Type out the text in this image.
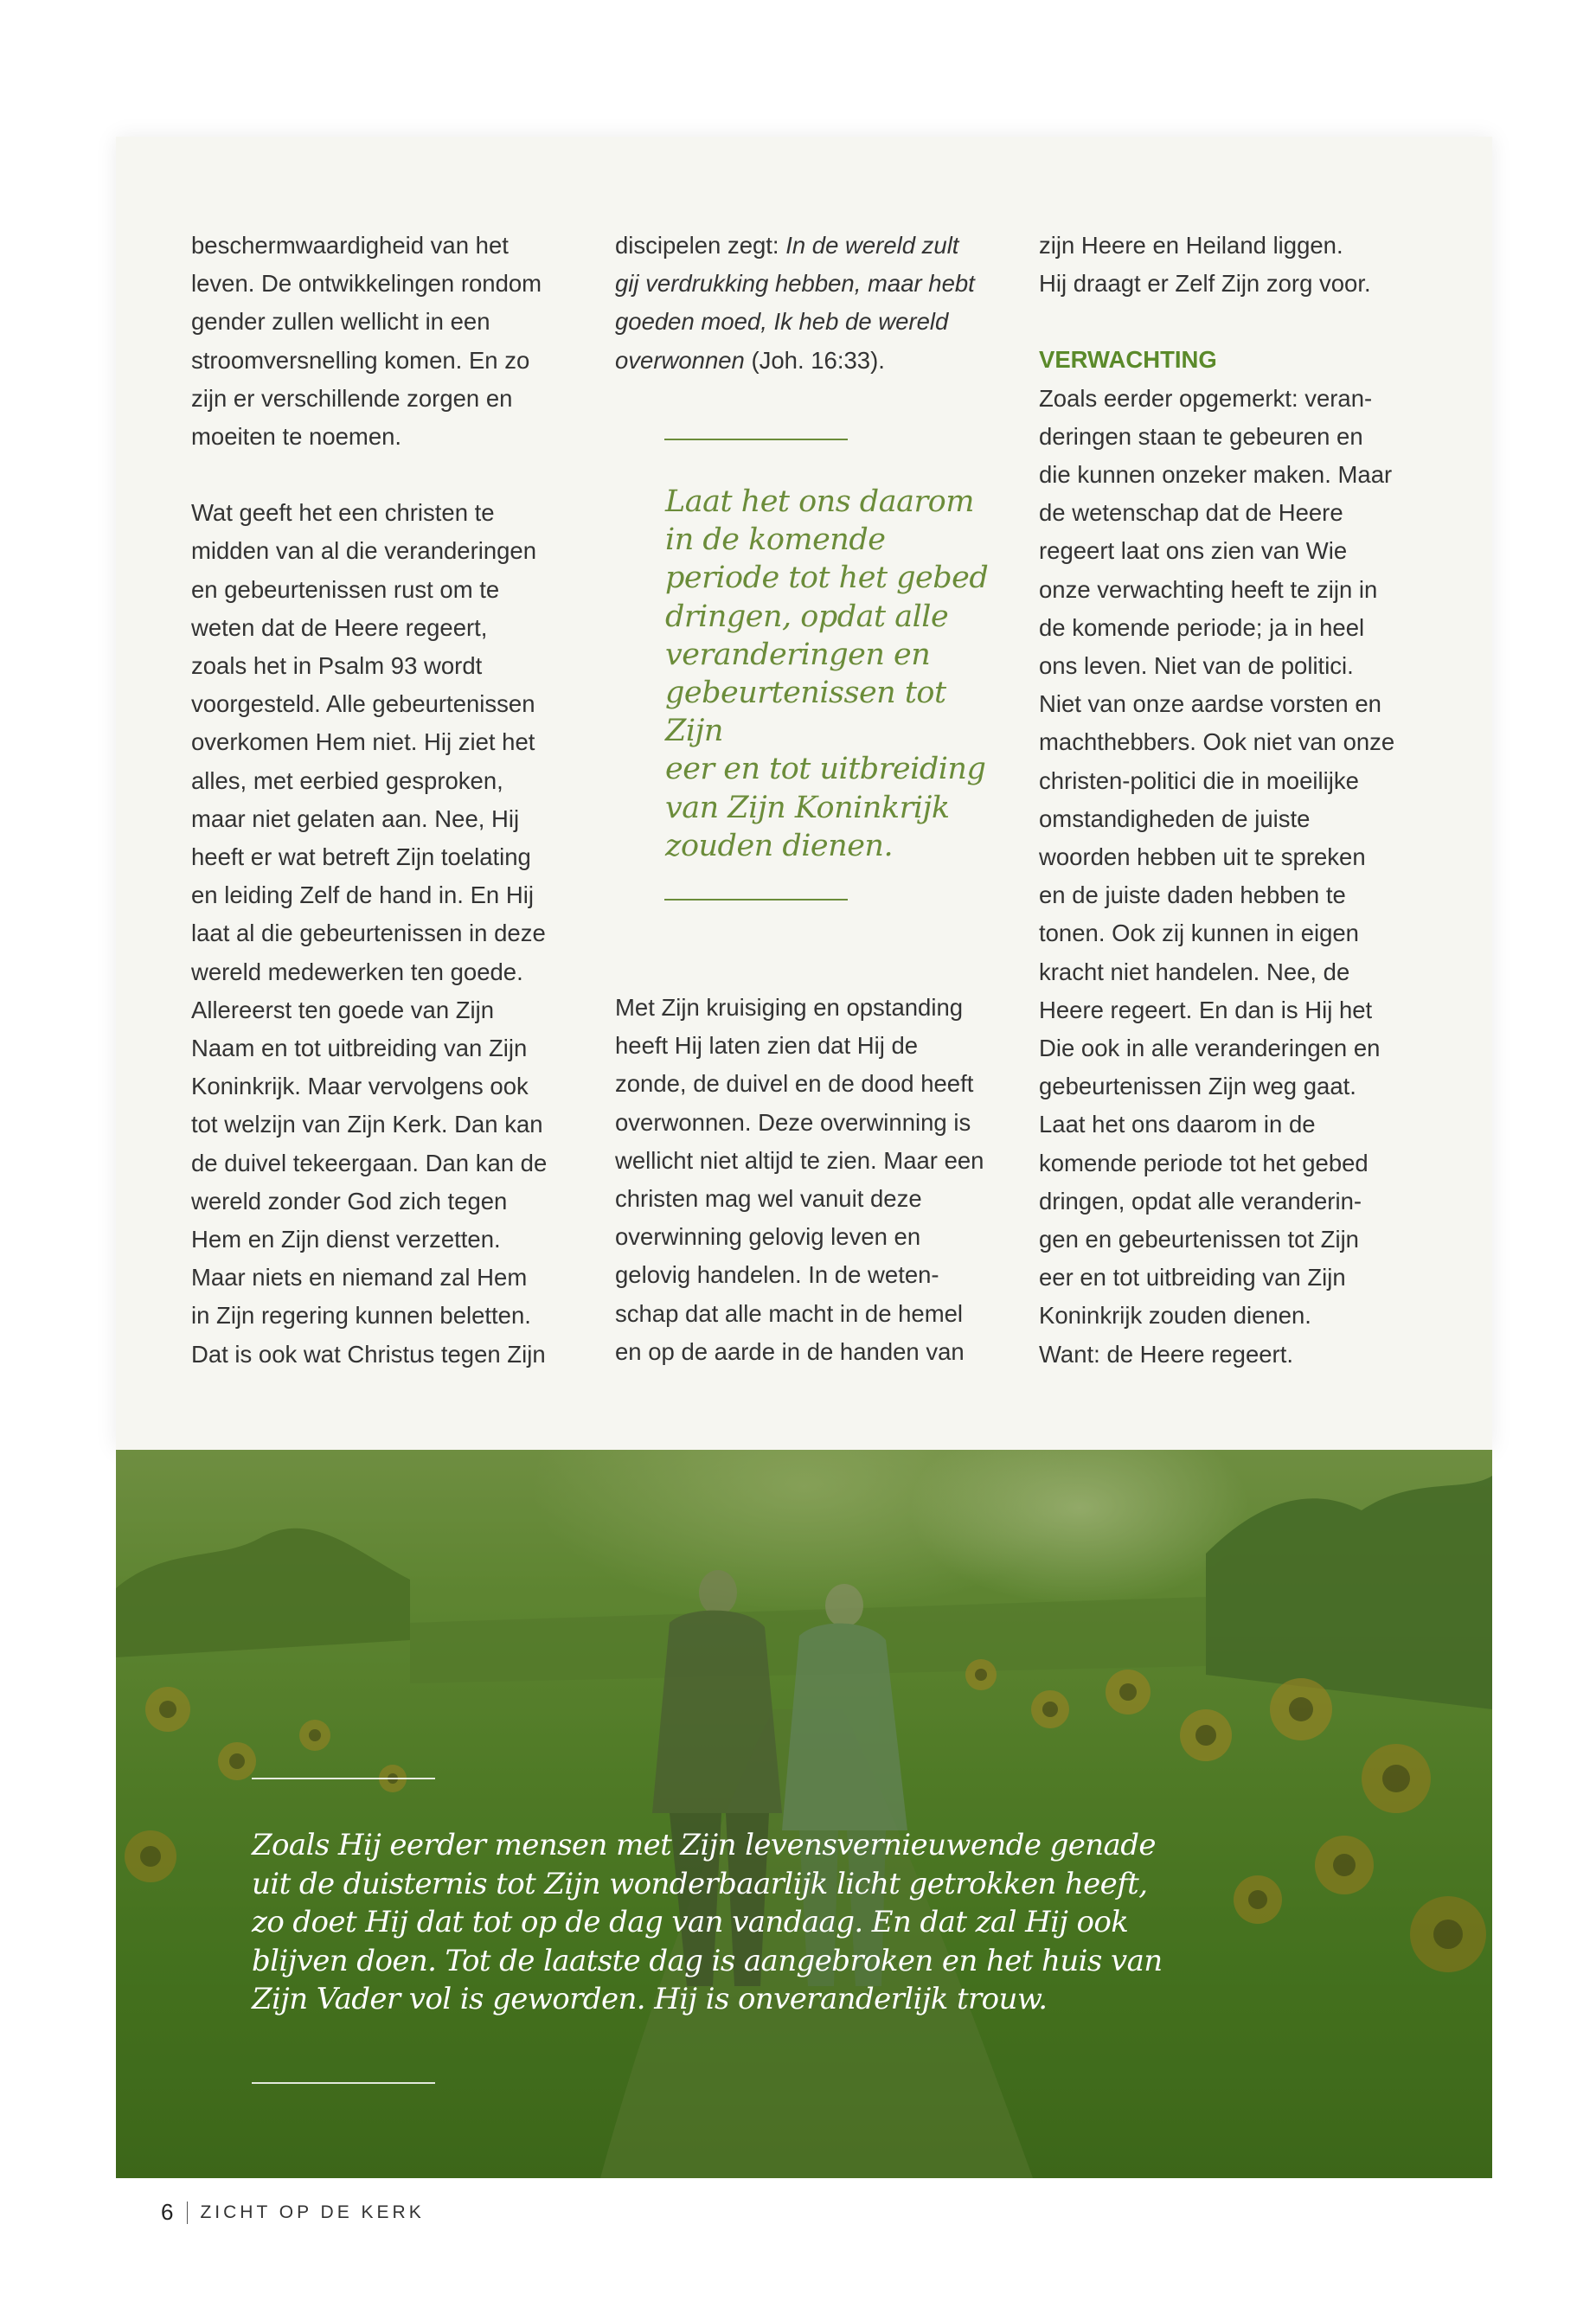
beschermwaardigheid van het

leven. De ontwikkelingen rondom

gender zullen wellicht in een

stroomversnelling komen. En zo

zijn er verschillende zorgen en

moeiten te noemen.

Wat geeft het een christen te

midden van al die veranderingen

en gebeurtenissen rust om te

weten dat de Heere regeert,

zoals het in Psalm 93 wordt

voorgesteld. Alle gebeurtenissen

overkomen Hem niet. Hij ziet het

alles, met eerbied gesproken,

maar niet gelaten aan. Nee, Hij

heeft er wat betreft Zijn toelating

en leiding Zelf de hand in. En Hij

laat al die gebeurtenissen in deze

wereld medewerken ten goede.

Allereerst ten goede van Zijn

Naam en tot uitbreiding van Zijn

Koninkrijk. Maar vervolgens ook

tot welzijn van Zijn Kerk. Dan kan

de duivel tekeergaan. Dan kan de

wereld zonder God zich tegen

Hem en Zijn dienst verzetten.

Maar niets en niemand zal Hem

in Zijn regering kunnen beletten.

Dat is ook wat Christus tegen Zijn

discipelen zegt: In de wereld zult

gij verdrukking hebben, maar hebt

goeden moed, Ik heb de wereld

overwonnen (Joh. 16:33).

Laat het ons daarom
in de komende
periode tot het gebed
dringen, opdat alle
veranderingen en
gebeurtenissen tot Zijn
eer en tot uitbreiding
van Zijn Koninkrijk
zouden dienen.

Met Zijn kruisiging en opstanding

heeft Hij laten zien dat Hij de

zonde, de duivel en de dood heeft

overwonnen. Deze overwinning is

wellicht niet altijd te zien. Maar een

christen mag wel vanuit deze

overwinning gelovig leven en

gelovig handelen. In de weten-

schap dat alle macht in de hemel

en op de aarde in de handen van

zijn Heere en Heiland liggen.

Hij draagt er Zelf Zijn zorg voor.

VERWACHTING

Zoals eerder opgemerkt: veran-

deringen staan te gebeuren en

die kunnen onzeker maken. Maar

de wetenschap dat de Heere

regeert laat ons zien van Wie

onze verwachting heeft te zijn in

de komende periode; ja in heel

ons leven. Niet van de politici.

Niet van onze aardse vorsten en

machthebbers. Ook niet van onze

christen-politici die in moeilijke

omstandigheden de juiste

woorden hebben uit te spreken

en de juiste daden hebben te

tonen. Ook zij kunnen in eigen

kracht niet handelen. Nee, de

Heere regeert. En dan is Hij het

Die ook in alle veranderingen en

gebeurtenissen Zijn weg gaat.

Laat het ons daarom in de

komende periode tot het gebed

dringen, opdat alle veranderin-

gen en gebeurtenissen tot Zijn

eer en tot uitbreiding van Zijn

Koninkrijk zouden dienen.

Want: de Heere regeert.

Zoals Hij eerder mensen met Zijn levensvernieuwende genade
uit de duisternis tot Zijn wonderbaarlijk licht getrokken heeft,
zo doet Hij dat tot op de dag van vandaag. En dat zal Hij ook
blijven doen. Tot de laatste dag is aangebroken en het huis van
Zijn Vader vol is geworden. Hij is onveranderlijk trouw.
6 ZICHT OP DE KERK
